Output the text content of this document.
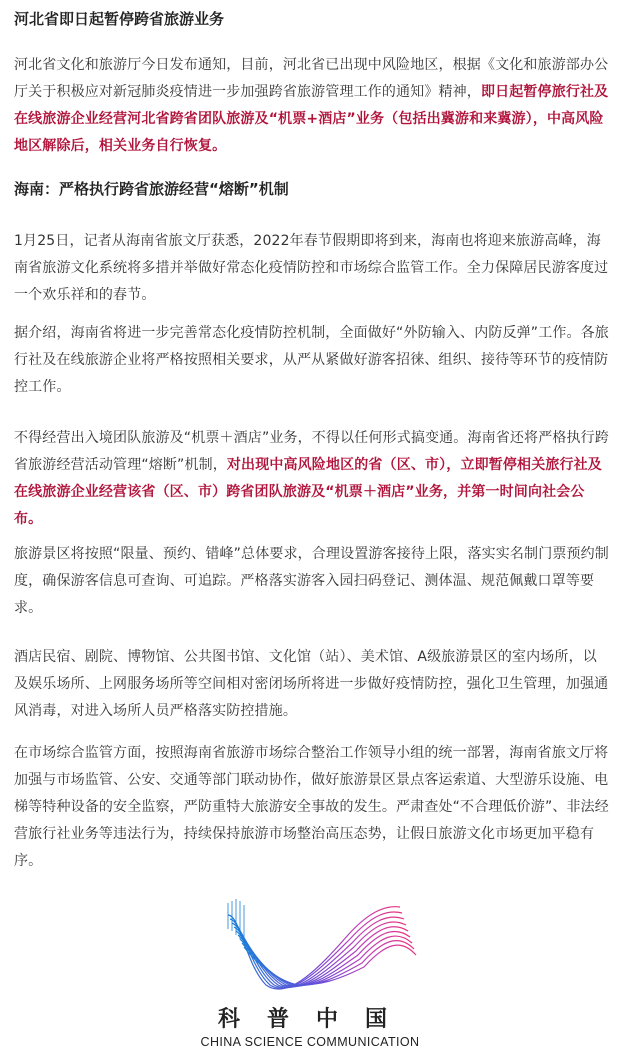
河北省即日起暂停跨省旅游业务

河北省文化和旅游厅今日发布通知，目前，河北省已出现中风险地区，根据《文化和旅游部办公厅关于积极应对新冠肺炎疫情进一步加强跨省旅游管理工作的通知》精神，即日起暂停旅行社及在线旅游企业经营河北省跨省团队旅游及“机票+酒店”业务（包括出冀游和来冀游），中高风险地区解除后，相关业务自行恢复。

海南：严格执行跨省旅游经营“熔断”机制

1月25日，记者从海南省旅文厅获悉，2022年春节假期即将到来，海南也将迎来旅游高峰，海南省旅游文化系统将多措并举做好常态化疫情防控和市场综合监管工作。全力保障居民游客度过一个欢乐祥和的春节。

据介绍，海南省将进一步完善常态化疫情防控机制，全面做好“外防输入、内防反弹”工作。各旅行社及在线旅游企业将严格按照相关要求，从严从紧做好游客招徕、组织、接待等环节的疫情防控工作。

不得经营出入境团队旅游及“机票＋酒店”业务，不得以任何形式搞变通。海南省还将严格执行跨省旅游经营活动管理“熔断”机制，对出现中高风险地区的省（区、市），立即暂停相关旅行社及在线旅游企业经营该省（区、市）跨省团队旅游及“机票＋酒店”业务，并第一时间向社会公布。

旅游景区将按照“限量、预约、错峰”总体要求，合理设置游客接待上限，落实实名制门票预约制度，确保游客信息可查询、可追踪。严格落实游客入园扫码登记、测体温、规范佩戴口罩等要求。

酒店民宿、剧院、博物馆、公共图书馆、文化馆（站）、美术馆、A级旅游景区的室内场所，以及娱乐场所、上网服务场所等空间相对密闭场所将进一步做好疫情防控，强化卫生管理，加强通风消毒，对进入场所人员严格落实防控措施。

在市场综合监管方面，按照海南省旅游市场综合整治工作领导小组的统一部署，海南省旅文厅将加强与市场监管、公安、交通等部门联动协作，做好旅游景区景点客运索道、大型游乐设施、电梯等特种设备的安全监察，严防重特大旅游安全事故的发生。严肃查处“不合理低价游”、非法经营旅行社业务等违法行为，持续保持旅游市场整治高压态势，让假日旅游文化市场更加平稳有序。

科普中国
CHINA SCIENCE COMMUNICATION
